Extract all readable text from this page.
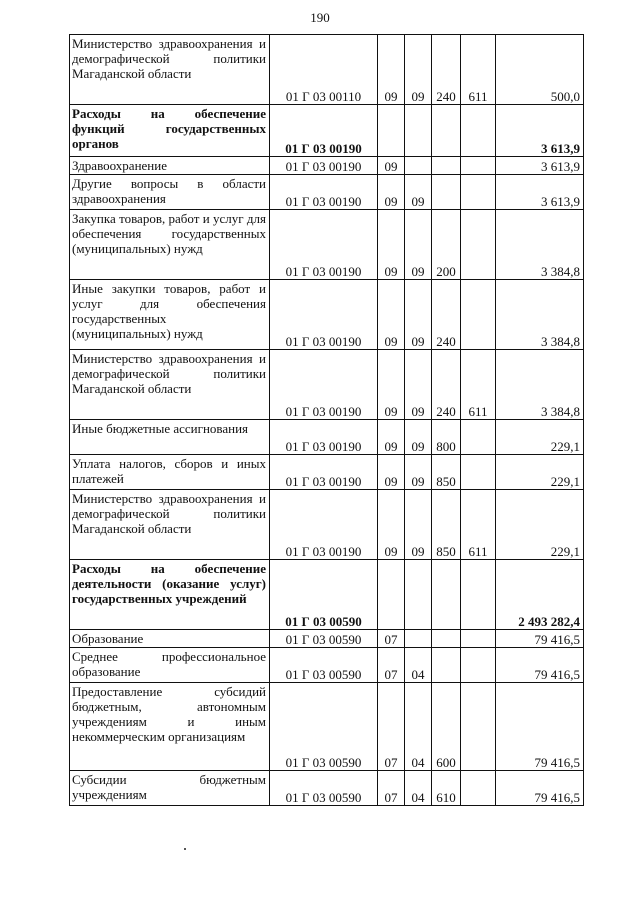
190
Министерство здравоохранения и демографической политики Магаданской области	01 Г 03 00110	09	09	240	611	500,0
Расходы на обеспечение функций государственных органов	01 Г 03 00190					3 613,9
Здравоохранение	01 Г 03 00190	09				3 613,9
Другие вопросы в области здравоохранения	01 Г 03 00190	09	09			3 613,9
Закупка товаров, работ и услуг для обеспечения государственных (муниципальных) нужд	01 Г 03 00190	09	09	200		3 384,8
Иные закупки товаров, работ и услуг для обеспечения государственных (муниципальных) нужд	01 Г 03 00190	09	09	240		3 384,8
Министерство здравоохранения и демографической политики Магаданской области	01 Г 03 00190	09	09	240	611	3 384,8
Иные бюджетные ассигнования	01 Г 03 00190	09	09	800		229,1
Уплата налогов, сборов и иных платежей	01 Г 03 00190	09	09	850		229,1
Министерство здравоохранения и демографической политики Магаданской области	01 Г 03 00190	09	09	850	611	229,1
Расходы на обеспечение деятельности (оказание услуг) государственных учреждений	01 Г 03 00590					2 493 282,4
Образование	01 Г 03 00590	07				79 416,5
Среднее профессиональное образование	01 Г 03 00590	07	04			79 416,5
Предоставление субсидий бюджетным, автономным учреждениям и иным некоммерческим организациям	01 Г 03 00590	07	04	600		79 416,5
Субсидии бюджетным учреждениям	01 Г 03 00590	07	04	610		79 416,5
